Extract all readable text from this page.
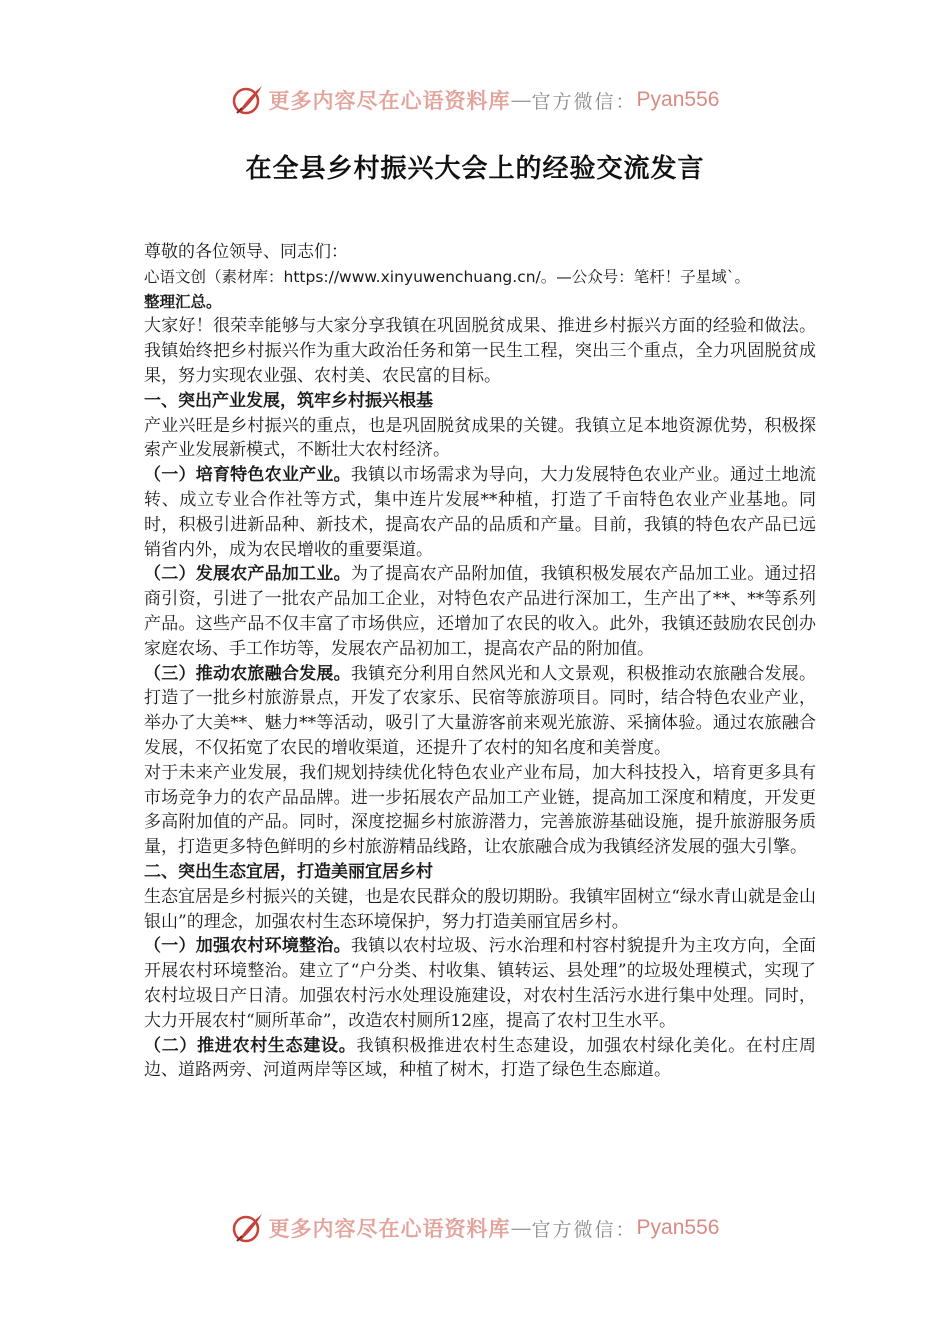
更多内容尽在心语资料库 — 官方微信： Pyan556
在全县乡村振兴大会上的经验交流发言

尊敬的各位领导、同志们：

心语文创（素材库：https://www.xinyuwenchuang.cn/。—公众号：笔杆！子星域`。

整理汇总。

大家好！很荣幸能够与大家分享我镇在巩固脱贫成果、推进乡村振兴方面的经验和做法。我镇始终把乡村振兴作为重大政治任务和第一民生工程，突出三个重点，全力巩固脱贫成果，努力实现农业强、农村美、农民富的目标。

一、突出产业发展，筑牢乡村振兴根基

产业兴旺是乡村振兴的重点，也是巩固脱贫成果的关键。我镇立足本地资源优势，积极探索产业发展新模式，不断壮大农村经济。

（一）培育特色农业产业。我镇以市场需求为导向，大力发展特色农业产业。通过土地流转、成立专业合作社等方式，集中连片发展**种植，打造了千亩特色农业产业基地。同时，积极引进新品种、新技术，提高农产品的品质和产量。目前，我镇的特色农产品已远销省内外，成为农民增收的重要渠道。

（二）发展农产品加工业。为了提高农产品附加值，我镇积极发展农产品加工业。通过招商引资，引进了一批农产品加工企业，对特色农产品进行深加工，生产出了**、**等系列产品。这些产品不仅丰富了市场供应，还增加了农民的收入。此外，我镇还鼓励农民创办家庭农场、手工作坊等，发展农产品初加工，提高农产品的附加值。

（三）推动农旅融合发展。我镇充分利用自然风光和人文景观，积极推动农旅融合发展。打造了一批乡村旅游景点，开发了农家乐、民宿等旅游项目。同时，结合特色农业产业，举办了大美**、魅力**等活动，吸引了大量游客前来观光旅游、采摘体验。通过农旅融合发展，不仅拓宽了农民的增收渠道，还提升了农村的知名度和美誉度。

对于未来产业发展，我们规划持续优化特色农业产业布局，加大科技投入，培育更多具有市场竞争力的农产品品牌。进一步拓展农产品加工产业链，提高加工深度和精度，开发更多高附加值的产品。同时，深度挖掘乡村旅游潜力，完善旅游基础设施，提升旅游服务质量，打造更多特色鲜明的乡村旅游精品线路，让农旅融合成为我镇经济发展的强大引擎。

二、突出生态宜居，打造美丽宜居乡村

生态宜居是乡村振兴的关键，也是农民群众的殷切期盼。我镇牢固树立“绿水青山就是金山银山”的理念，加强农村生态环境保护，努力打造美丽宜居乡村。

（一）加强农村环境整治。我镇以农村垃圾、污水治理和村容村貌提升为主攻方向，全面开展农村环境整治。建立了“户分类、村收集、镇转运、县处理”的垃圾处理模式，实现了农村垃圾日产日清。加强农村污水处理设施建设，对农村生活污水进行集中处理。同时，大力开展农村“厕所革命”，改造农村厕所12座，提高了农村卫生水平。

（二）推进农村生态建设。我镇积极推进农村生态建设，加强农村绿化美化。在村庄周边、道路两旁、河道两岸等区域，种植了树木，打造了绿色生态廊道。

更多内容尽在心语资料库 — 官方微信： Pyan556
